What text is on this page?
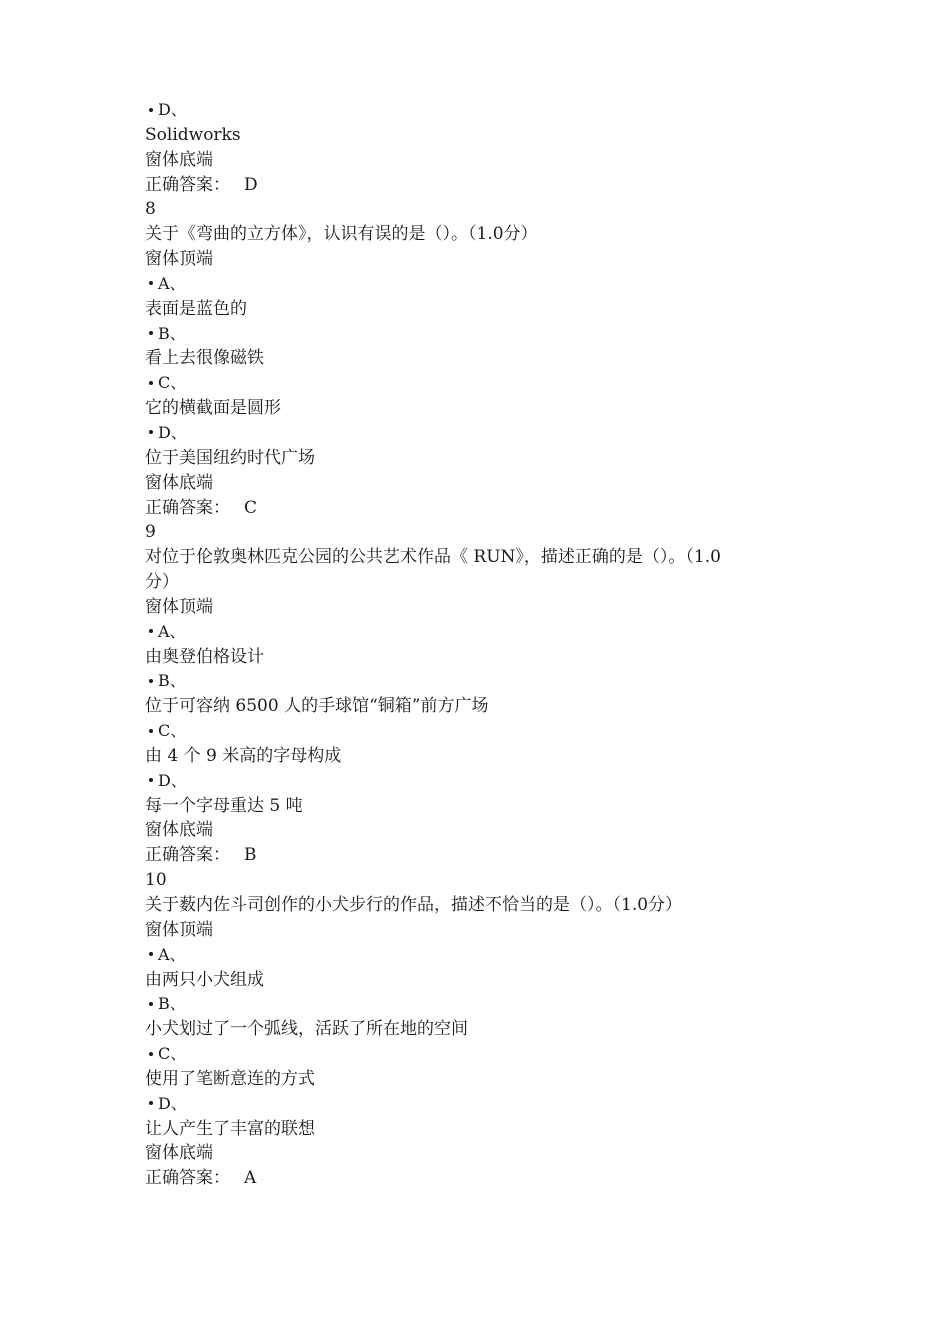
D、
Solidworks
窗体底端
正确答案： D
8
关于《弯曲的立方体》，认识有误的是（）。（1.0分）
窗体顶端
A、
表面是蓝色的
B、
看上去很像磁铁
C、
它的横截面是圆形
D、
位于美国纽约时代广场
窗体底端
正确答案： C
9
对位于伦敦奥林匹克公园的公共艺术作品《 RUN》，描述正确的是（）。（1.0
分）
窗体顶端
A、
由奥登伯格设计
B、
位于可容纳 6500 人的手球馆“铜箱”前方广场
C、
由 4 个 9 米高的字母构成
D、
每一个字母重达 5 吨
窗体底端
正确答案： B
10
关于薮内佐斗司创作的小犬步行的作品，描述不恰当的是（）。（1.0分）
窗体顶端
A、
由两只小犬组成
B、
小犬划过了一个弧线，活跃了所在地的空间
C、
使用了笔断意连的方式
D、
让人产生了丰富的联想
窗体底端
正确答案： A
